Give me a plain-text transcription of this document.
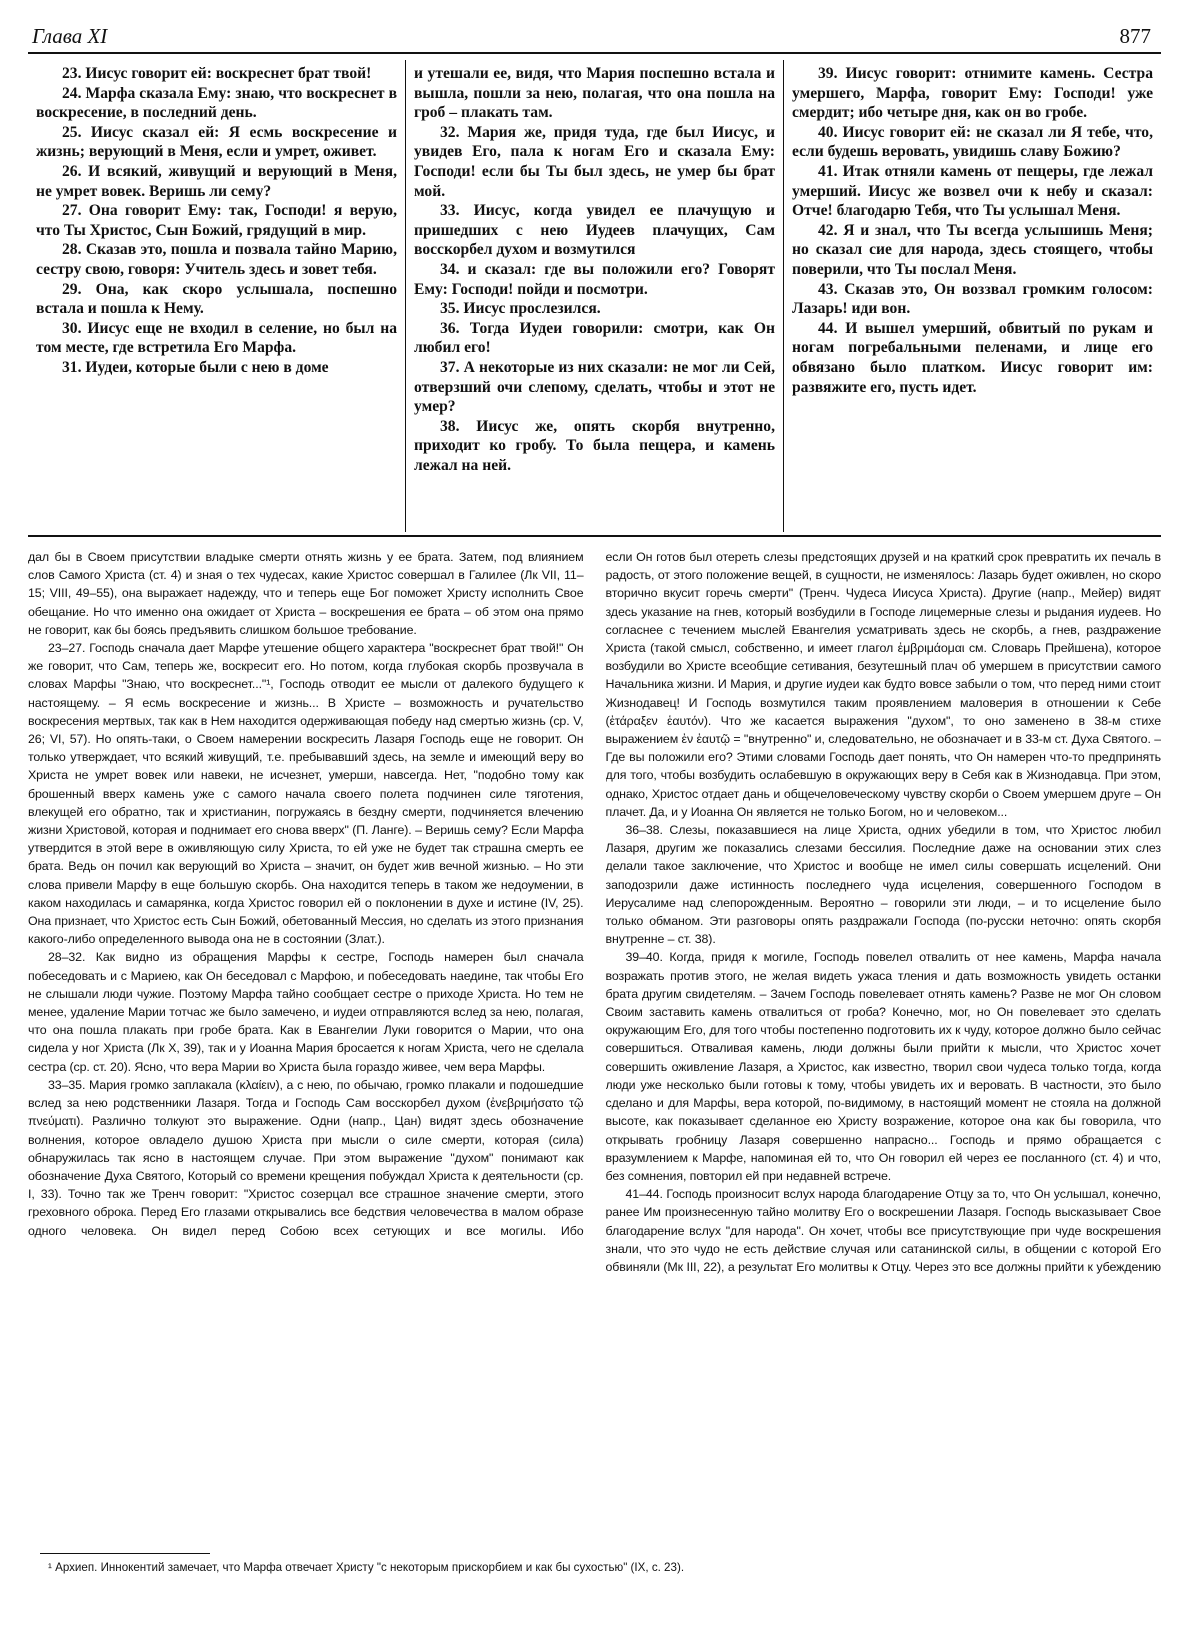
Глава XI	877

23. Иисус говорит ей: воскреснет брат твой!

24. Марфа сказала Ему: знаю, что воскреснет в воскресение, в последний день.

25. Иисус сказал ей: Я есмь воскресение и жизнь; верующий в Меня, если и умрет, оживет.

26. И всякий, живущий и верующий в Меня, не умрет вовек. Веришь ли сему?

27. Она говорит Ему: так, Господи! я верую, что Ты Христос, Сын Божий, грядущий в мир.

28. Сказав это, пошла и позвала тайно Марию, сестру свою, говоря: Учитель здесь и зовет тебя.

29. Она, как скоро услышала, поспешно встала и пошла к Нему.

30. Иисус еще не входил в селение, но был на том месте, где встретила Его Марфа.

31. Иудеи, которые были с нею в доме

и утешали ее, видя, что Мария поспешно встала и вышла, пошли за нею, полагая, что она пошла на гроб – плакать там.

32. Мария же, придя туда, где был Иисус, и увидев Его, пала к ногам Его и сказала Ему: Господи! если бы Ты был здесь, не умер бы брат мой.

33. Иисус, когда увидел ее плачущую и пришедших с нею Иудеев плачущих, Сам восскорбел духом и возмутился

34. и сказал: где вы положили его? Говорят Ему: Господи! пойди и посмотри.

35. Иисус прослезился.

36. Тогда Иудеи говорили: смотри, как Он любил его!

37. А некоторые из них сказали: не мог ли Сей, отверзший очи слепому, сделать, чтобы и этот не умер?

38. Иисус же, опять скорбя внутренно, приходит ко гробу. То была пещера, и камень лежал на ней.

39. Иисус говорит: отнимите камень. Сестра умершего, Марфа, говорит Ему: Господи! уже смердит; ибо четыре дня, как он во гробе.

40. Иисус говорит ей: не сказал ли Я тебе, что, если будешь веровать, увидишь славу Божию?

41. Итак отняли камень от пещеры, где лежал умерший. Иисус же возвел очи к небу и сказал: Отче! благодарю Тебя, что Ты услышал Меня.

42. Я и знал, что Ты всегда услышишь Меня; но сказал сие для народа, здесь стоящего, чтобы поверили, что Ты послал Меня.

43. Сказав это, Он воззвал громким голосом: Лазарь! иди вон.

44. И вышел умерший, обвитый по рукам и ногам погребальными пеленами, и лице его обвязано было платком. Иисус говорит им: развяжите его, пусть идет.

дал бы в Своем присутствии владыке смерти отнять жизнь у ее брата. Затем, под влиянием слов Самого Христа (ст. 4) и зная о тех чудесах, какие Христос совершал в Галилее (Лк VII, 11–15; VIII, 49–55), она выражает надежду, что и теперь еще Бог поможет Христу исполнить Свое обещание. Но что именно она ожидает от Христа – воскрешения ее брата – об этом она прямо не говорит, как бы боясь предъявить слишком большое требование.

23–27. Господь сначала дает Марфе утешение общего характера "воскреснет брат твой!" Он же говорит, что Сам, теперь же, воскресит его. Но потом, когда глубокая скорбь прозвучала в словах Марфы "Знаю, что воскреснет..."¹, Господь отводит ее мысли от далекого будущего к настоящему. – Я есмь воскресение и жизнь... В Христе – возможность и ручательство воскресения мертвых, так как в Нем находится одерживающая победу над смертью жизнь (ср. V, 26; VI, 57). Но опять-таки, о Своем намерении воскресить Лазаря Господь еще не говорит. Он только утверждает, что всякий живущий, т.е. пребывавший здесь, на земле и имеющий веру во Христа не умрет вовек или навеки, не исчезнет, умерши, навсегда. Нет, "подобно тому как брошенный вверх камень уже с самого начала своего полета подчинен силе тяготения, влекущей его обратно, так и христианин, погружаясь в бездну смерти, подчиняется влечению жизни Христовой, которая и поднимает его снова вверх" (П. Ланге). – Веришь сему? Если Марфа утвердится в этой вере в оживляющую силу Христа, то ей уже не будет так страшна смерть ее брата. Ведь он почил как верующий во Христа – значит, он будет жив вечной жизнью. – Но эти слова привели Марфу в еще большую скорбь. Она находится теперь в таком же недоумении, в каком находилась и самарянка, когда Христос говорил ей о поклонении в духе и истине (IV, 25). Она признает, что Христос есть Сын Божий, обетованный Мессия, но сделать из этого признания какого-либо определенного вывода она не в состоянии (Злат.).

28–32. Как видно из обращения Марфы к сестре, Господь намерен был сначала побеседовать и с Мариею, как Он беседовал с Марфою, и побеседовать наедине, так чтобы Его не слышали люди чужие. Поэтому Марфа тайно сообщает сестре о приходе Христа. Но тем не менее, удаление Марии тотчас же было замечено, и иудеи отправляются вслед за нею, полагая, что она пошла плакать при гробе брата. Как в Евангелии Луки говорится о Марии, что она сидела у ног Христа (Лк X, 39), так и у Иоанна Мария бросается к ногам Христа, чего не сделала сестра (ср. ст. 20). Ясно, что вера Марии во Христа была гораздо живее, чем вера Марфы.

33–35. Мария громко заплакала (κλαίειν), а с нею, по обычаю, громко плакали и подошедшие вслед за нею родственники Лазаря. Тогда и Господь Сам восскорбел духом (ἐνεβριμήσατο τῷ πνεύματι). Различно толкуют это выражение. Одни (напр., Цан) видят здесь обозначение волнения, которое овладело душою Христа при мысли о силе смерти, которая (сила) обнаружилась так ясно в настоящем случае. При этом выражение "духом" понимают как обозначение Духа Святого, Который со времени крещения побуждал Христа к деятельности (ср. I, 33). Точно так же Тренч говорит: "Христос созерцал все страшное значение смерти, этого греховного оброка. Перед Его глазами открывались все бедствия человечества в малом образе одного человека. Он видел перед Собою всех сетующих и все могилы. Ибо

если Он готов был отереть слезы предстоящих друзей и на краткий срок превратить их печаль в радость, от этого положение вещей, в сущности, не изменялось: Лазарь будет оживлен, но скоро вторично вкусит горечь смерти" (Тренч. Чудеса Иисуса Христа). Другие (напр., Мейер) видят здесь указание на гнев, который возбудили в Господе лицемерные слезы и рыдания иудеев. Но согласнее с течением мыслей Евангелия усматривать здесь не скорбь, а гнев, раздражение Христа (такой смысл, собственно, и имеет глагол ἐμβριμάομαι см. Словарь Прейшена), которое возбудили во Христе всеобщие сетивания, безутешный плач об умершем в присутствии самого Начальника жизни. И Мария, и другие иудеи как будто вовсе забыли о том, что перед ними стоит Жизнодавец! И Господь возмутился таким проявлением маловерия в отношении к Себе (ἐτάραξεν ἑαυτόν). Что же касается выражения "духом", то оно заменено в 38-м стихе выражением ἐν ἑαυτῷ = "внутренно" и, следовательно, не обозначает и в 33-м ст. Духа Святого. – Где вы положили его? Этими словами Господь дает понять, что Он намерен что-то предпринять для того, чтобы возбудить ослабевшую в окружающих веру в Себя как в Жизнодавца. При этом, однако, Христос отдает дань и общечеловеческому чувству скорби о Своем умершем друге – Он плачет. Да, и у Иоанна Он является не только Богом, но и человеком...

36–38. Слезы, показавшиеся на лице Христа, одних убедили в том, что Христос любил Лазаря, другим же показались слезами бессилия. Последние даже на основании этих слез делали такое заключение, что Христос и вообще не имел силы совершать исцелений. Они заподозрили даже истинность последнего чуда исцеления, совершенного Господом в Иерусалиме над слепорожденным. Вероятно – говорили эти люди, – и то исцеление было только обманом. Эти разговоры опять раздражали Господа (по-русски неточно: опять скорбя внутренне – ст. 38).

39–40. Когда, придя к могиле, Господь повелел отвалить от нее камень, Марфа начала возражать против этого, не желая видеть ужаса тления и дать возможность увидеть останки брата другим свидетелям. – Зачем Господь повелевает отнять камень? Разве не мог Он словом Своим заставить камень отвалиться от гроба? Конечно, мог, но Он повелевает это сделать окружающим Его, для того чтобы постепенно подготовить их к чуду, которое должно было сейчас совершиться. Отваливая камень, люди должны были прийти к мысли, что Христос хочет совершить оживление Лазаря, а Христос, как известно, творил свои чудеса только тогда, когда люди уже несколько были готовы к тому, чтобы увидеть их и веровать. В частности, это было сделано и для Марфы, вера которой, по-видимому, в настоящий момент не стояла на должной высоте, как показывает сделанное ею Христу возражение, которое она как бы говорила, что открывать гробницу Лазаря совершенно напрасно... Господь и прямо обращается с вразумлением к Марфе, напоминая ей то, что Он говорил ей через ее посланного (ст. 4) и что, без сомнения, повторил ей при недавней встрече.

41–44. Господь произносит вслух народа благодарение Отцу за то, что Он услышал, конечно, ранее Им произнесенную тайно молитву Его о воскрешении Лазаря. Господь высказывает Свое благодарение вслух "для народа". Он хочет, чтобы все присутствующие при чуде воскрешения знали, что это чудо не есть действие случая или сатанинской силы, в общении с которой Его обвиняли (Мк III, 22), а результат Его молитвы к Отцу. Через это все должны прийти к убеждению

¹ Архиеп. Иннокентий замечает, что Марфа отвечает Христу "с некоторым прискорбием и как бы сухостью" (IX, с. 23).
